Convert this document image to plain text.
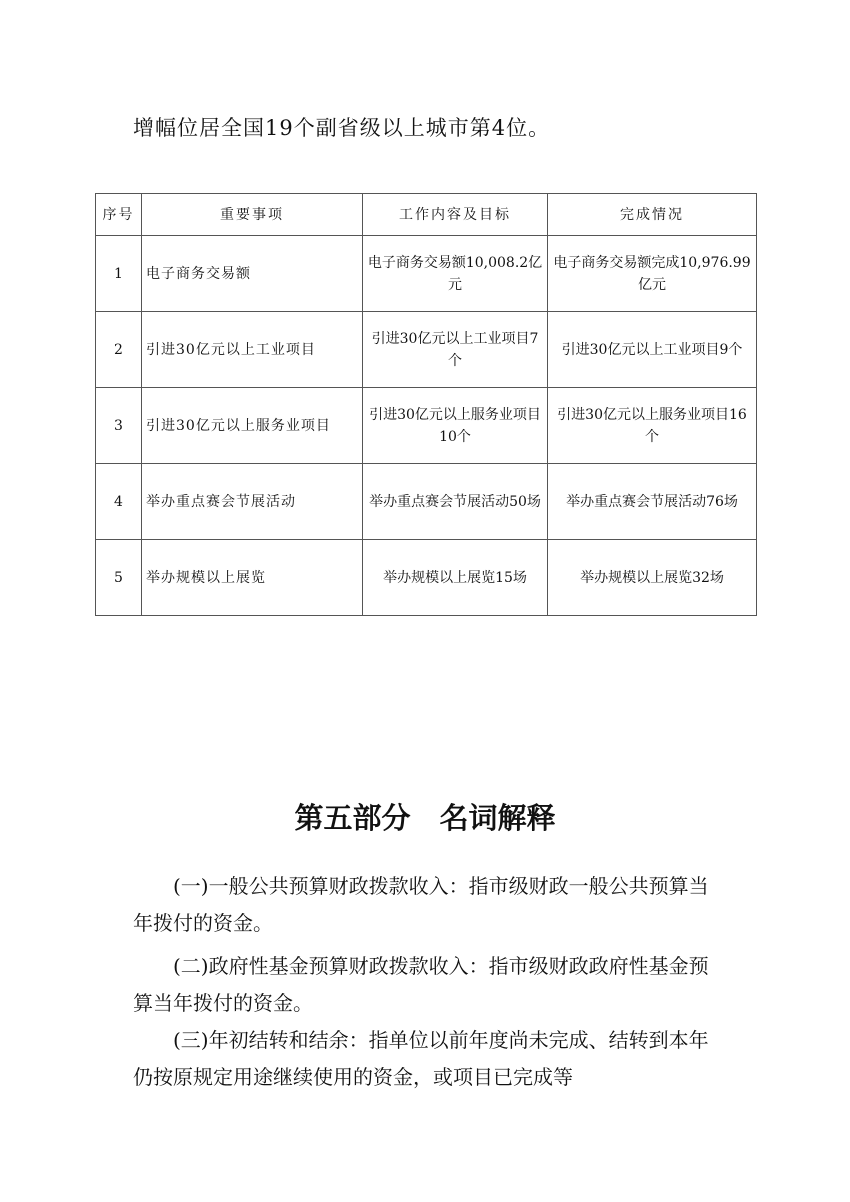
增幅位居全国19个副省级以上城市第4位。
序号	重要事项	工作内容及目标	完成情况
1	电子商务交易额	电子商务交易额10,008.2亿元	电子商务交易额完成10,976.99亿元
2	引进30亿元以上工业项目	引进30亿元以上工业项目7个	引进30亿元以上工业项目9个
3	引进30亿元以上服务业项目	引进30亿元以上服务业项目10个	引进30亿元以上服务业项目16个
4	举办重点赛会节展活动	举办重点赛会节展活动50场	举办重点赛会节展活动76场
5	举办规模以上展览	举办规模以上展览15场	举办规模以上展览32场
第五部分　名词解释

(一)一般公共预算财政拨款收入：指市级财政一般公共预算当年拨付的资金。

(二)政府性基金预算财政拨款收入：指市级财政政府性基金预算当年拨付的资金。

(三)年初结转和结余：指单位以前年度尚未完成、结转到本年仍按原规定用途继续使用的资金，或项目已完成等
